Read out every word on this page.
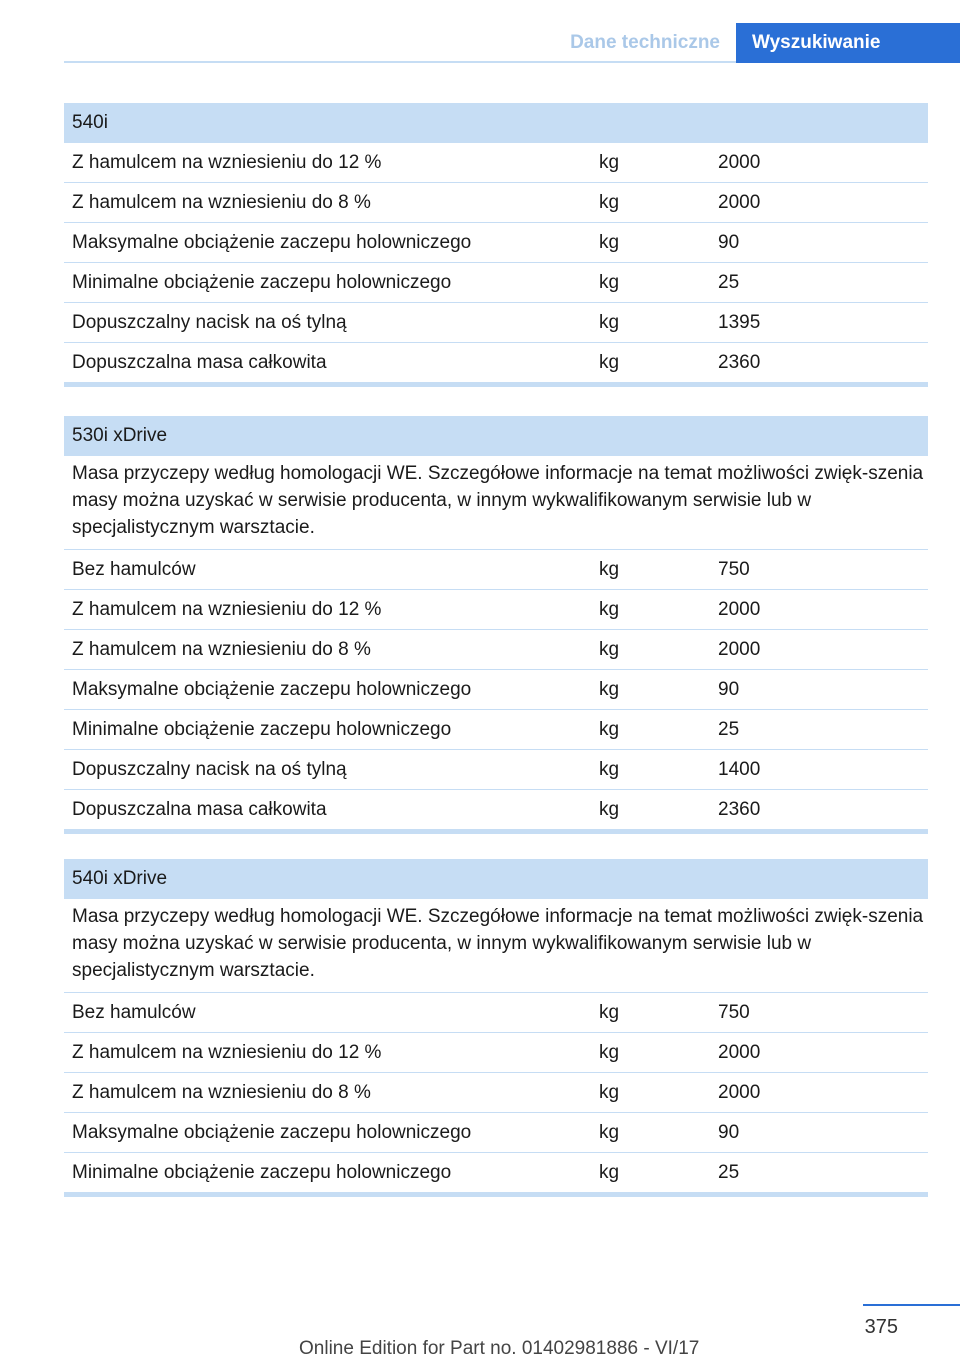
Dane techniczne	Wyszukiwanie
540i		
Z hamulcem na wzniesieniu do 12 %	kg	2000
Z hamulcem na wzniesieniu do 8 %	kg	2000
Maksymalne obciążenie zaczepu holowniczego	kg	90
Minimalne obciążenie zaczepu holowniczego	kg	25
Dopuszczalny nacisk na oś tylną	kg	1395
Dopuszczalna masa całkowita	kg	2360
530i xDrive		
Masa przyczepy według homologacji WE. Szczegółowe informacje na temat możliwości zwięk-szenia masy można uzyskać w serwisie producenta, w innym wykwalifikowanym serwisie lub w specjalistycznym warsztacie.		
Bez hamulców	kg	750
Z hamulcem na wzniesieniu do 12 %	kg	2000
Z hamulcem na wzniesieniu do 8 %	kg	2000
Maksymalne obciążenie zaczepu holowniczego	kg	90
Minimalne obciążenie zaczepu holowniczego	kg	25
Dopuszczalny nacisk na oś tylną	kg	1400
Dopuszczalna masa całkowita	kg	2360
540i xDrive		
Masa przyczepy według homologacji WE. Szczegółowe informacje na temat możliwości zwięk-szenia masy można uzyskać w serwisie producenta, w innym wykwalifikowanym serwisie lub w specjalistycznym warsztacie.		
Bez hamulców	kg	750
Z hamulcem na wzniesieniu do 12 %	kg	2000
Z hamulcem na wzniesieniu do 8 %	kg	2000
Maksymalne obciążenie zaczepu holowniczego	kg	90
Minimalne obciążenie zaczepu holowniczego	kg	25
375
Online Edition for Part no. 01402981886 - VI/17
